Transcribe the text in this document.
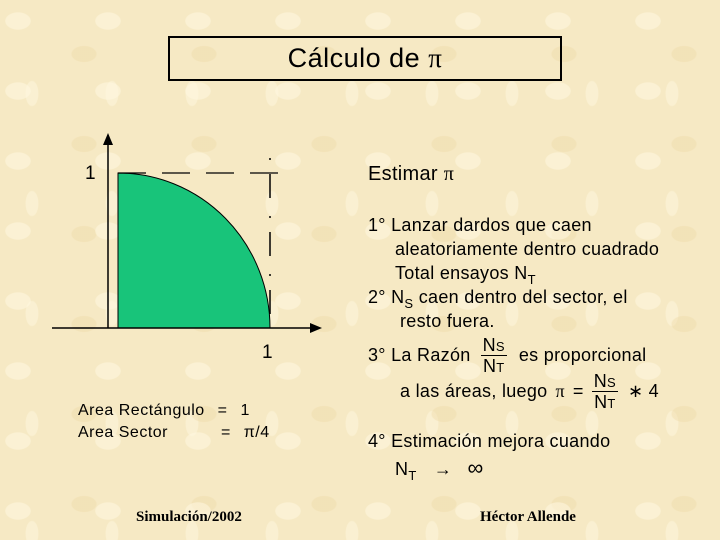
Cálculo de π
1
1
Area Rectángulo = 1
Area Sector	= π/4
Estimar π
1° Lanzar dardos que caen
aleatoriamente dentro cuadrado
Total ensayos $N_T$
2° $N_S$ caen dentro del sector, el
resto fuera.
3° La Razón $\frac{NS}{NT}$ es proporcional
a las áreas, luego $\pi = \frac{NS}{NT}$ ∗ 4
4° Estimación mejora cuando
$N_T$ → ∞
Simulación/2002	Héctor Allende
